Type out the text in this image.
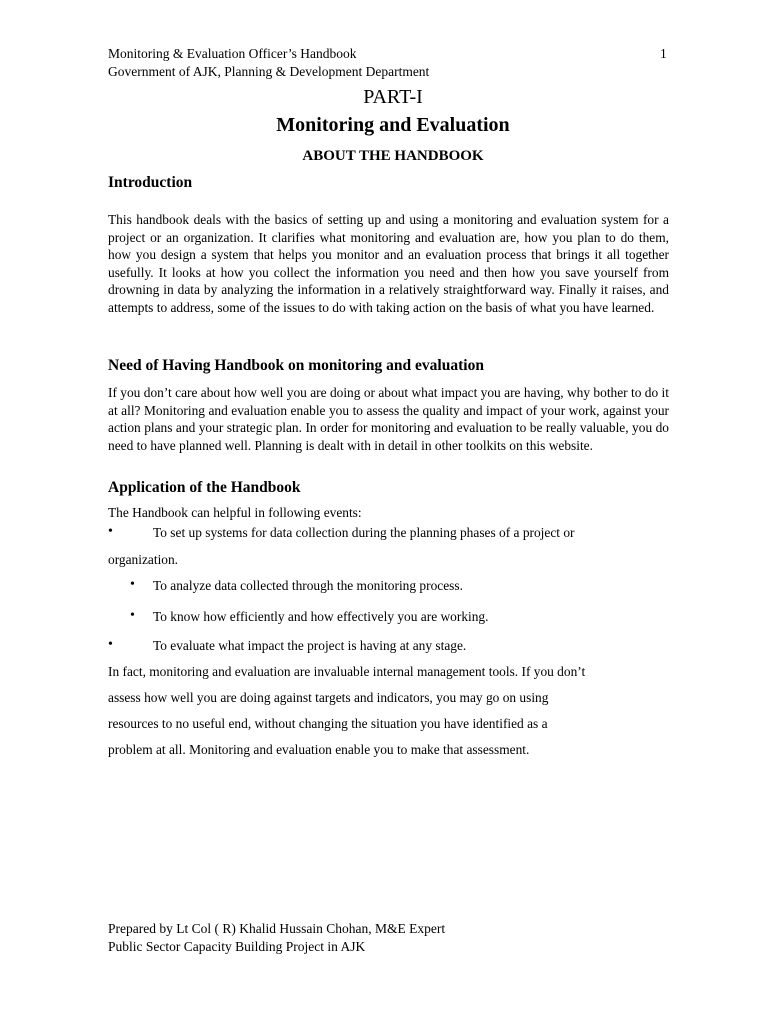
Monitoring & Evaluation Officer’s Handbook	1
Government of AJK, Planning & Development Department
PART-I
Monitoring and Evaluation
ABOUT THE HANDBOOK
Introduction
This handbook deals with the basics of setting up and using a monitoring and evaluation system for a project or an organization. It clarifies what monitoring and evaluation are, how you plan to do them, how you design a system that helps you monitor and an evaluation process that brings it all together usefully. It looks at how you collect the information you need and then how you save yourself from drowning in data by analyzing the information in a relatively straightforward way. Finally it raises, and attempts to address, some of the issues to do with taking action on the basis of what you have learned.
Need of Having Handbook on monitoring and evaluation
If you don’t care about how well you are doing or about what impact you are having, why bother to do it at all? Monitoring and evaluation enable you to assess the quality and impact of your work, against your action plans and your strategic plan. In order for monitoring and evaluation to be really valuable, you do need to have planned well. Planning is dealt with in detail in other toolkits on this website.
Application of the Handbook
The Handbook can helpful in following events:
•	To set up systems for data collection during the planning phases of a project or
organization.
• To analyze data collected through the monitoring process.
• To know how efficiently and how effectively you are working.
•	To evaluate what impact the project is having at any stage.
In fact, monitoring and evaluation are invaluable internal management tools. If you don’t
assess how well you are doing against targets and indicators, you may go on using
resources to no useful end, without changing the situation you have identified as a
problem at all. Monitoring and evaluation enable you to make that assessment.
Prepared by Lt Col ( R) Khalid Hussain Chohan, M&E Expert
Public Sector Capacity Building Project in AJK
